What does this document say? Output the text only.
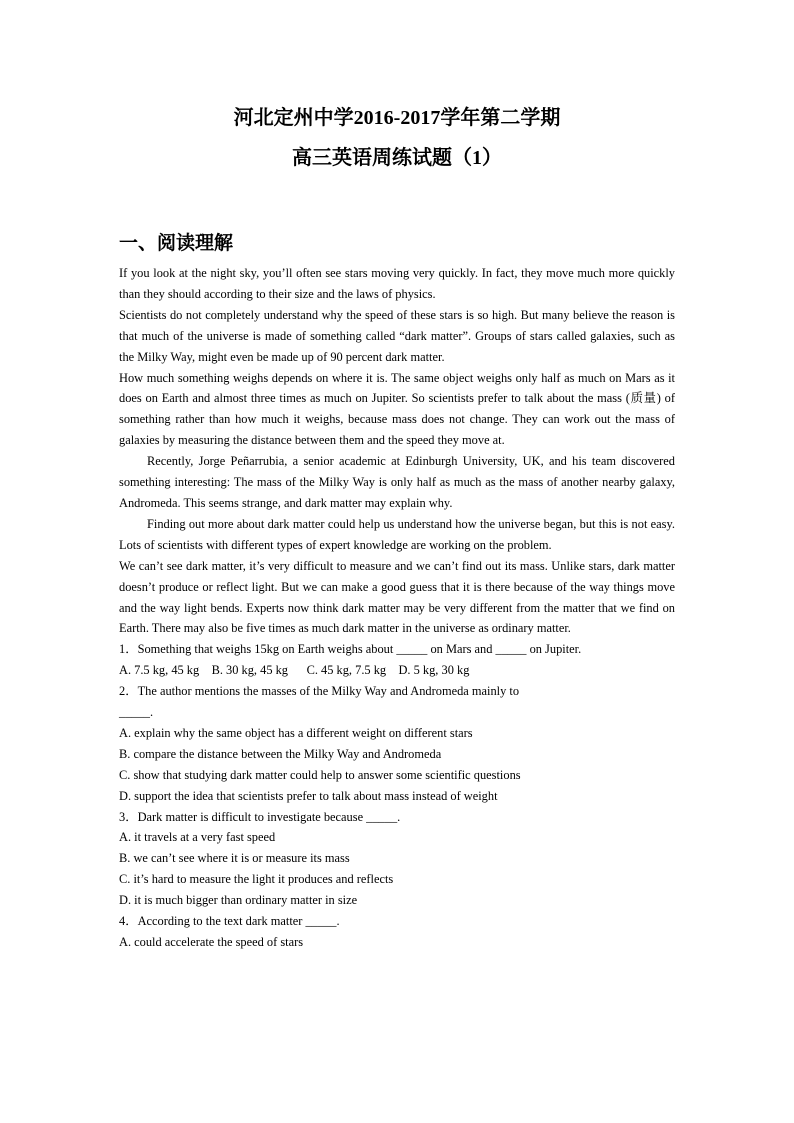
河北定州中学2016-2017学年第二学期
高三英语周练试题（1）
一、阅读理解

If you look at the night sky, you’ll often see stars moving very quickly. In fact, they move much more quickly than they should according to their size and the laws of physics.

Scientists do not completely understand why the speed of these stars is so high. But many believe the reason is that much of the universe is made of something called “dark matter”. Groups of stars called galaxies, such as the Milky Way, might even be made up of 90 percent dark matter.

How much something weighs depends on where it is. The same object weighs only half as much on Mars as it does on Earth and almost three times as much on Jupiter. So scientists prefer to talk about the mass (质量) of something rather than how much it weighs, because mass does not change. They can work out the mass of galaxies by measuring the distance between them and the speed they move at.

Recently, Jorge Peñarrubia, a senior academic at Edinburgh University, UK, and his team discovered something interesting: The mass of the Milky Way is only half as much as the mass of another nearby galaxy, Andromeda. This seems strange, and dark matter may explain why.

Finding out more about dark matter could help us understand how the universe began, but this is not easy. Lots of scientists with different types of expert knowledge are working on the problem.

We can’t see dark matter, it’s very difficult to measure and we can’t find out its mass. Unlike stars, dark matter doesn’t produce or reflect light. But we can make a good guess that it is there because of the way things move and the way light bends. Experts now think dark matter may be very different from the matter that we find on Earth. There may also be five times as much dark matter in the universe as ordinary matter.

1．Something that weighs 15kg on Earth weighs about _____ on Mars and _____ on Jupiter.

A. 7.5 kg, 45 kg    B. 30 kg, 45 kg      C. 45 kg, 7.5 kg    D. 5 kg, 30 kg

2．The author mentions the masses of the Milky Way and Andromeda mainly to

_____.

A. explain why the same object has a different weight on different stars

B. compare the distance between the Milky Way and Andromeda

C. show that studying dark matter could help to answer some scientific questions

D. support the idea that scientists prefer to talk about mass instead of weight

3．Dark matter is difficult to investigate because _____.

A. it travels at a very fast speed

B. we can’t see where it is or measure its mass

C. it’s hard to measure the light it produces and reflects

D. it is much bigger than ordinary matter in size

4．According to the text dark matter _____.

A. could accelerate the speed of stars
